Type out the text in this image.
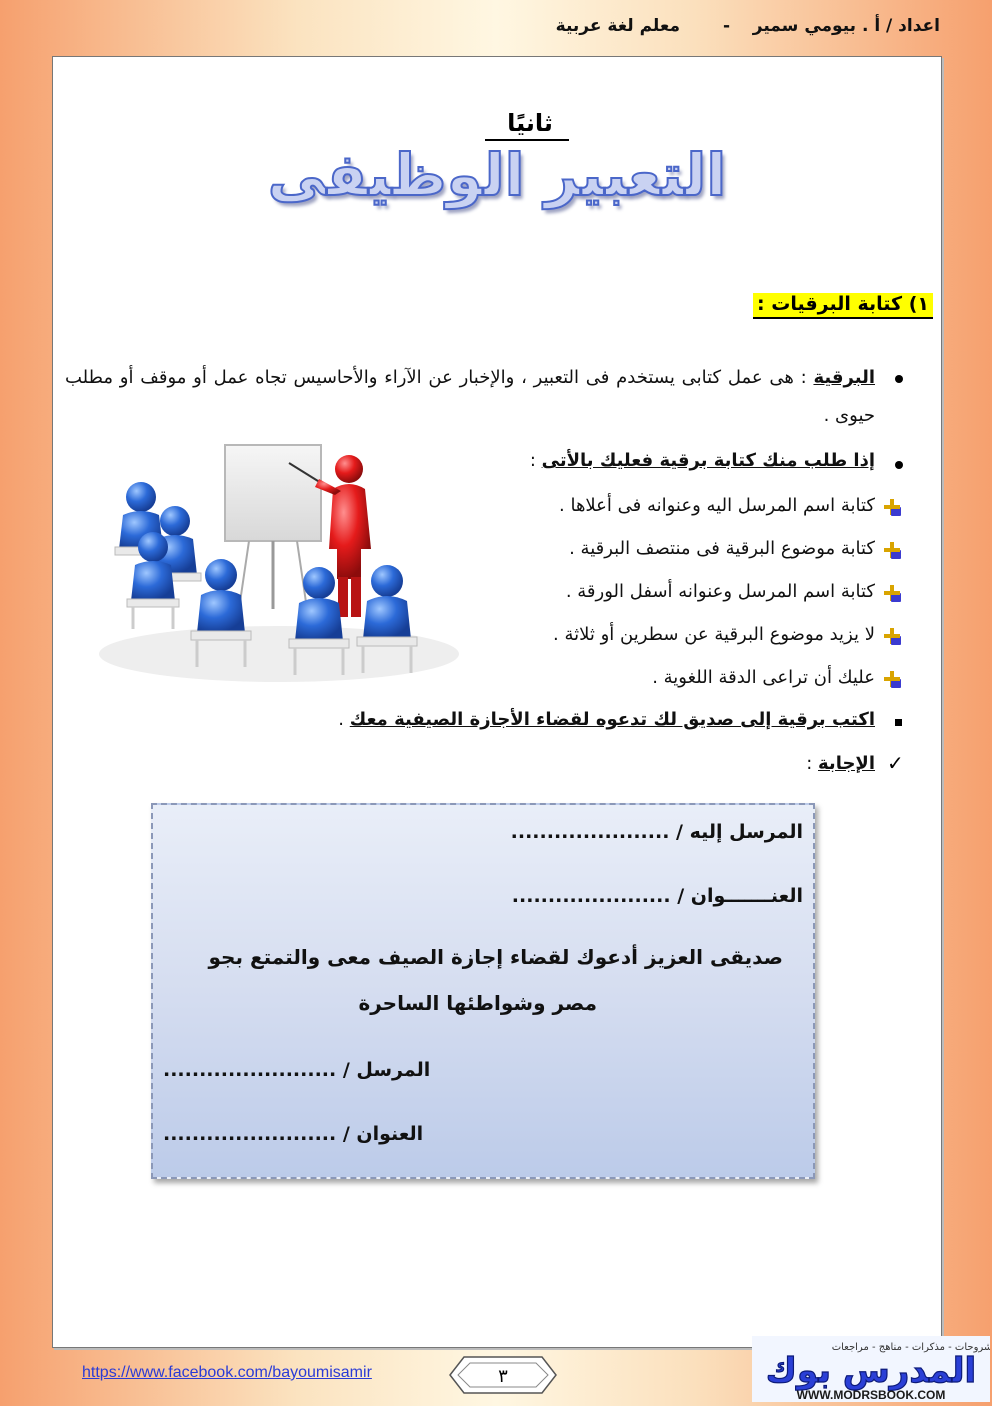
اعداد / أ . بيومي سمير
-
معلم لغة عربية
ثانيًا
التعبير الوظيفى
١) كتابة البرقيات :
البرقية : هى عمل كتابى يستخدم فى التعبير ، والإخبار عن الآراء والأحاسيس تجاه عمل أو موقف أو مطلب حيوى .
إذا طلب منك كتابة برقية فعليك بالأتى :
كتابة اسم المرسل اليه وعنوانه فى أعلاها .
كتابة موضوع البرقية فى منتصف البرقية .
كتابة اسم المرسل وعنوانه أسفل الورقة .
لا يزيد موضوع البرقية عن سطرين أو ثلاثة .
عليك أن تراعى الدقة اللغوية .
اكتب برقية إلى صديق لك تدعوه لقضاء الأجازة الصيفية معك .
✓
الإجابة :
المرسل إليه / ......................
العنـــــــوان / ......................
صديقى العزيز أدعوك لقضاء إجازة الصيف معى والتمتع بجو
مصر وشواطئها الساحرة
المرسل / ........................
العنوان / ........................
https://www.facebook.com/bayoumisamir	٣
شروحات - مذكرات - مناهج - مراجعات
المدرس بوك
WWW.MODRSBOOK.COM
